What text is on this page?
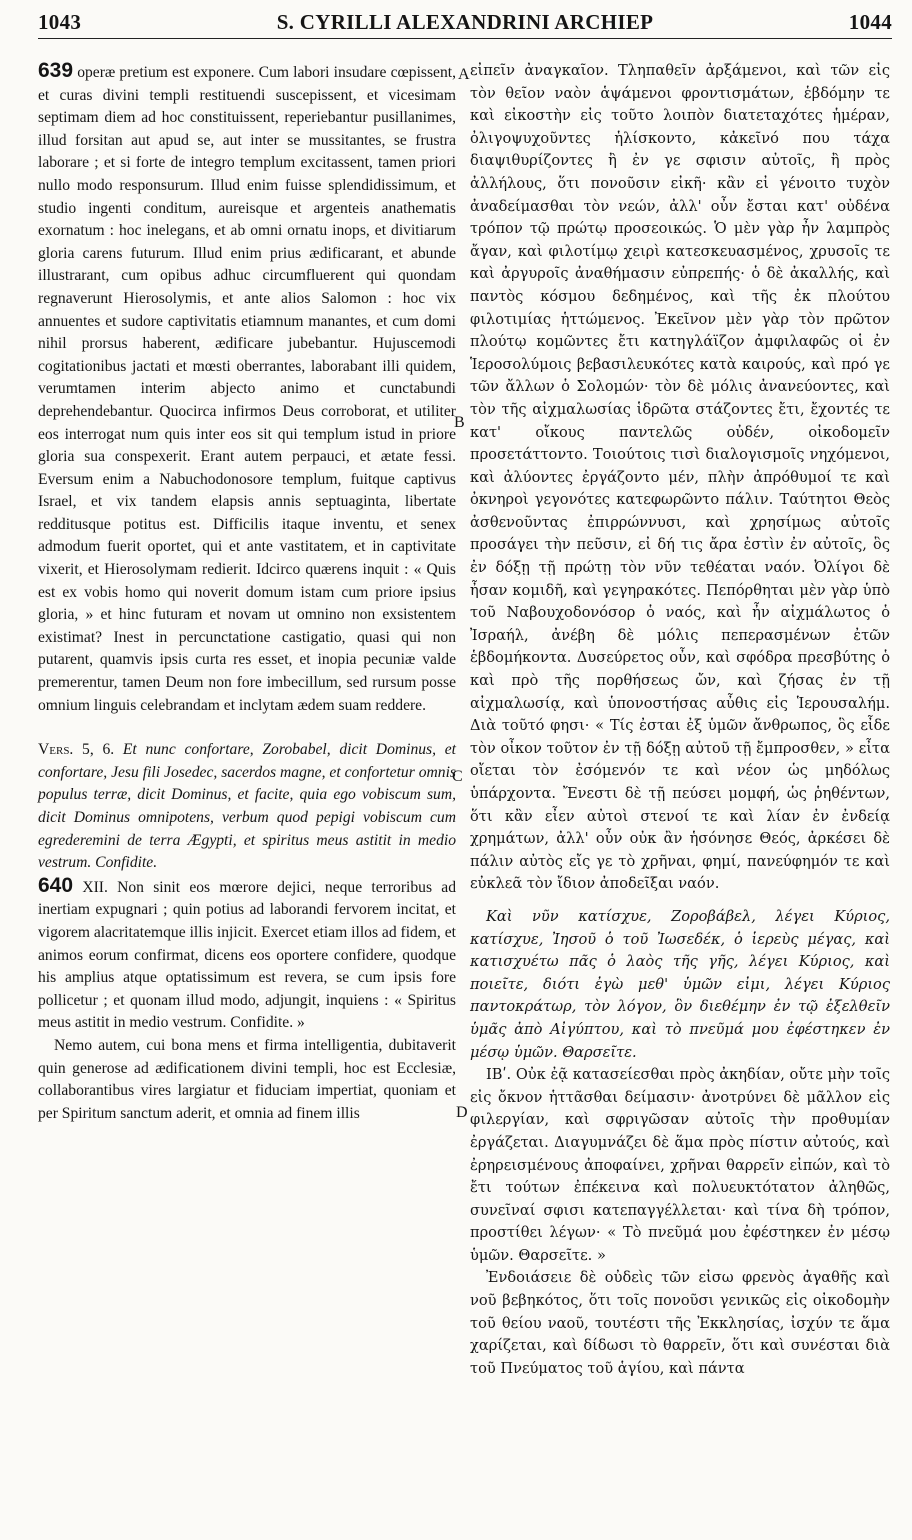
1043	S. CYRILLI ALEXANDRINI ARCHIEP	1044
A
B
C
D

639 operæ pretium est exponere. Cum labori insudare cœpissent, et curas divini templi restituendi suscepissent, et vicesimam septimam diem ad hoc constituissent, reperiebantur pusillanimes, illud forsitan aut apud se, aut inter se mussitantes, se frustra laborare ; et si forte de integro templum excitassent, tamen priori nullo modo responsurum. Illud enim fuisse splendidissimum, et studio ingenti conditum, aureisque et argenteis anathematis exornatum : hoc inelegans, et ab omni ornatu inops, et divitiarum gloria carens futurum. Illud enim prius ædificarant, et abunde illustrarant, cum opibus adhuc circumfluerent qui quondam regnaverunt Hierosolymis, et ante alios Salomon : hoc vix annuentes et sudore captivitatis etiamnum manantes, et cum domi nihil prorsus haberent, ædificare jubebantur. Hujuscemodi cogitationibus jactati et mœsti oberrantes, laborabant illi quidem, verumtamen interim abjecto animo et cunctabundi deprehendebantur. Quocirca infirmos Deus corroborat, et utiliter eos interrogat num quis inter eos sit qui templum istud in priore gloria sua conspexerit. Erant autem perpauci, et ætate fessi. Eversum enim a Nabuchodonosore templum, fuitque captivus Israel, et vix tandem elapsis annis septuaginta, libertate redditusque potitus est. Difficilis itaque inventu, et senex admodum fuerit oportet, qui et ante vastitatem, et in captivitate vixerit, et Hierosolymam redierit. Idcirco quærens inquit : « Quis est ex vobis homo qui noverit domum istam cum priore ipsius gloria, » et hinc futuram et novam ut omnino non exsistentem existimat? Inest in percunctatione castigatio, quasi qui non putarent, quamvis ipsis curta res esset, et inopia pecuniæ valde premerentur, tamen Deum non fore imbecillum, sed rursum posse omnium linguis celebrandam et inclytam ædem suam reddere.

Vers. 5, 6. Et nunc confortare, Zorobabel, dicit Dominus, et confortare, Jesu fili Josedec, sacerdos magne, et confortetur omnis populus terræ, dicit Dominus, et facite, quia ego vobiscum sum, dicit Dominus omnipotens, verbum quod pepigi vobiscum cum egrederemini de terra Ægypti, et spiritus meus astitit in medio vestrum. Confidite.

640 XII. Non sinit eos mœrore dejici, neque terroribus ad inertiam expugnari ; quin potius ad laborandi fervorem incitat, et vigorem alacritatemque illis injicit. Exercet etiam illos ad fidem, et animos eorum confirmat, dicens eos oportere confidere, quodque his amplius atque optatissimum est revera, se cum ipsis fore pollicetur ; et quonam illud modo, adjungit, inquiens : « Spiritus meus astitit in medio vestrum. Confidite. »

Nemo autem, cui bona mens et firma intelligentia, dubitaverit quin generose ad ædificationem divini templi, hoc est Ecclesiæ, collaborantibus vires largiatur et fiduciam impertiat, quoniam et per Spiritum sanctum aderit, et omnia ad finem illis

εἰπεῖν ἀναγκαῖον. Τληπαθεῖν ἀρξάμενοι, καὶ τῶν εἰς τὸν θεῖον ναὸν ἁψάμενοι φροντισμάτων, ἑβδόμην τε καὶ εἰκοστὴν εἰς τοῦτο λοιπὸν διατεταχότες ἡμέραν, ὀλιγοψυχοῦντες ἡλίσκοντο, κἀκεῖνό που τάχα διαψιθυρίζοντες ἢ ἐν γε σφισιν αὐτοῖς, ἢ πρὸς ἀλλήλους, ὅτι πονοῦσιν εἰκῆ· κἂν εἰ γένοιτο τυχὸν ἀναδείμασθαι τὸν νεών, ἀλλ' οὖν ἔσται κατ' οὐδένα τρόπον τῷ πρώτῳ προσεοικώς. Ὁ μὲν γὰρ ἦν λαμπρὸς ἄγαν, καὶ φιλοτίμῳ χειρὶ κατεσκευασμένος, χρυσοῖς τε καὶ ἀργυροῖς ἀναθήμασιν εὐπρεπής· ὁ δὲ ἀκαλλής, καὶ παντὸς κόσμου δεδημένος, καὶ τῆς ἐκ πλούτου φιλοτιμίας ἡττώμενος. Ἐκεῖνον μὲν γὰρ τὸν πρῶτον πλούτῳ κομῶντες ἔτι κατηγλάϊζον ἀμφιλαφῶς οἱ ἐν Ἱεροσολύμοις βεβασιλευκότες κατὰ καιρούς, καὶ πρό γε τῶν ἄλλων ὁ Σολομών· τὸν δὲ μόλις ἀνανεύοντες, καὶ τὸν τῆς αἰχμαλωσίας ἱδρῶτα στάζοντες ἔτι, ἔχοντές τε κατ' οἴκους παντελῶς οὐδέν, οἰκοδομεῖν προσετάττοντο. Τοιούτοις τισὶ διαλογισμοῖς νηχόμενοι, καὶ ἀλύοντες ἐργάζοντο μέν, πλὴν ἀπρόθυμοί τε καὶ ὀκνηροὶ γεγονότες κατεφωρῶντο πάλιν. Ταύτητοι Θεὸς ἀσθενοῦντας ἐπιρρώννυσι, καὶ χρησίμως αὐτοῖς προσάγει τὴν πεῦσιν, εἰ δή τις ἄρα ἐστὶν ἐν αὐτοῖς, ὃς ἐν δόξῃ τῇ πρώτῃ τὸν νῦν τεθέαται ναόν. Ὀλίγοι δὲ ἦσαν κομιδῆ, καὶ γεγηρακότες. Πεπόρθηται μὲν γὰρ ὑπὸ τοῦ Ναβουχοδονόσορ ὁ ναός, καὶ ἦν αἰχμάλωτος ὁ Ἰσραήλ, ἀνέβη δὲ μόλις πεπερασμένων ἐτῶν ἑβδομήκοντα. Δυσεύρετος οὖν, καὶ σφόδρα πρεσβύτης ὁ καὶ πρὸ τῆς πορθήσεως ὤν, καὶ ζήσας ἐν τῇ αἰχμαλωσίᾳ, καὶ ὑπονοστήσας αὖθις εἰς Ἱερουσαλήμ. Διὰ τοῦτό φησι· « Τίς ἐσται ἐξ ὑμῶν ἄνθρωπος, ὃς εἶδε τὸν οἶκον τοῦτον ἐν τῇ δόξῃ αὐτοῦ τῇ ἔμπροσθεν, » εἶτα οἴεται τὸν ἐσόμενόν τε καὶ νέον ὡς μηδόλως ὑπάρχοντα. Ἔνεστι δὲ τῇ πεύσει μομφή, ὡς ῥηθέντων, ὅτι κἂν εἶεν αὐτοὶ στενοί τε καὶ λίαν ἐν ἐνδείᾳ χρημάτων, ἀλλ' οὖν οὐκ ἂν ἡσόνησε Θεός, ἀρκέσει δὲ πάλιν αὐτὸς εἴς γε τὸ χρῆναι, φημί, πανεύφημόν τε καὶ εὐκλεᾶ τὸν ἴδιον ἀποδεῖξαι ναόν.

Καὶ νῦν κατίσχυε, Ζοροβάβελ, λέγει Κύριος, κατίσχυε, Ἰησοῦ ὁ τοῦ Ἰωσεδέκ, ὁ ἱερεὺς μέγας, καὶ κατισχυέτω πᾶς ὁ λαὸς τῆς γῆς, λέγει Κύριος, καὶ ποιεῖτε, διότι ἐγὼ μεθ' ὑμῶν εἰμι, λέγει Κύριος παντοκράτωρ, τὸν λόγον, ὃν διεθέμην ἐν τῷ ἐξελθεῖν ὑμᾶς ἀπὸ Αἰγύπτου, καὶ τὸ πνεῦμά μου ἐφέστηκεν ἐν μέσῳ ὑμῶν. Θαρσεῖτε.

ΙΒʹ. Οὐκ ἐᾷ κατασείεσθαι πρὸς ἀκηδίαν, οὔτε μὴν τοῖς εἰς ὄκνον ἡττᾶσθαι δείμασιν· ἀνοτρύνει δὲ μᾶλλον εἰς φιλεργίαν, καὶ σφριγῶσαν αὐτοῖς τὴν προθυμίαν ἐργάζεται. Διαγυμνάζει δὲ ἅμα πρὸς πίστιν αὐτούς, καὶ ἐρηρεισμένους ἀποφαίνει, χρῆναι θαρρεῖν εἰπών, καὶ τὸ ἔτι τούτων ἐπέκεινα καὶ πολυευκτότατον ἀληθῶς, συνεῖναί σφισι κατεπαγγέλλεται· καὶ τίνα δὴ τρόπον, προστίθει λέγων· « Τὸ πνεῦμά μου ἐφέστηκεν ἐν μέσῳ ὑμῶν. Θαρσεῖτε. »

Ἐνδοιάσειε δὲ οὐδεὶς τῶν εἰσω φρενὸς ἀγαθῆς καὶ νοῦ βεβηκότος, ὅτι τοῖς πονοῦσι γενικῶς εἰς οἰκοδομὴν τοῦ θείου ναοῦ, τουτέστι τῆς Ἐκκλησίας, ἰσχύν τε ἅμα χαρίζεται, καὶ δίδωσι τὸ θαρρεῖν, ὅτι καὶ συνέσται διὰ τοῦ Πνεύματος τοῦ ἁγίου, καὶ πάντα
